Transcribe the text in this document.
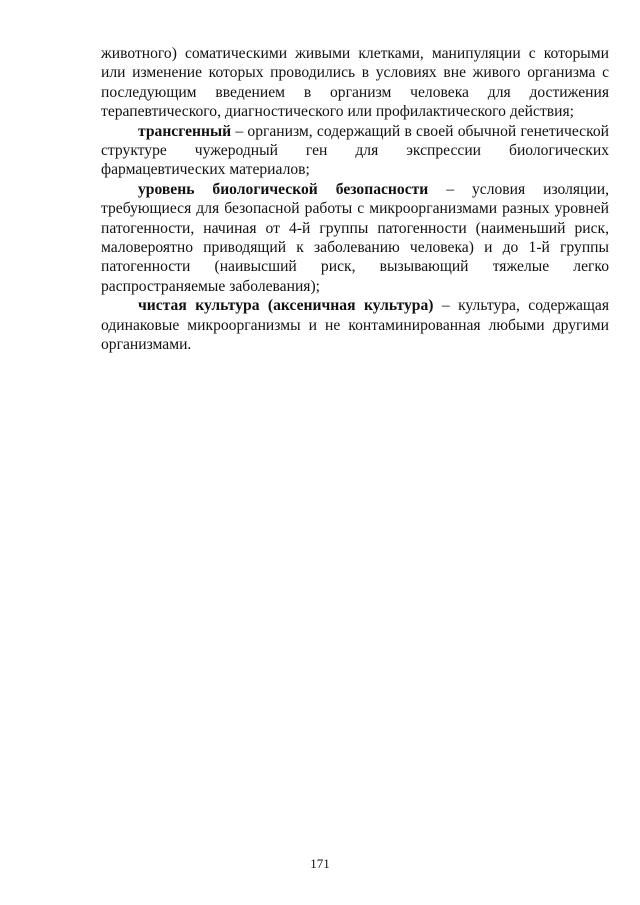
животного) соматическими живыми клетками, манипуляции с которыми или изменение которых проводились в условиях вне живого организма с последующим введением в организм человека для достижения терапевтического, диагностического или профилактического действия;

трансгенный – организм, содержащий в своей обычной генетической структуре чужеродный ген для экспрессии биологических фармацевтических материалов;

уровень биологической безопасности – условия изоляции, требующиеся для безопасной работы с микроорганизмами разных уровней патогенности, начиная от 4-й группы патогенности (наименьший риск, маловероятно приводящий к заболеванию человека) и до 1-й группы патогенности (наивысший риск, вызывающий тяжелые легко распространяемые заболевания);

чистая культура (аксеничная культура) – культура, содержащая одинаковые микроорганизмы и не контаминированная любыми другими организмами.

171
